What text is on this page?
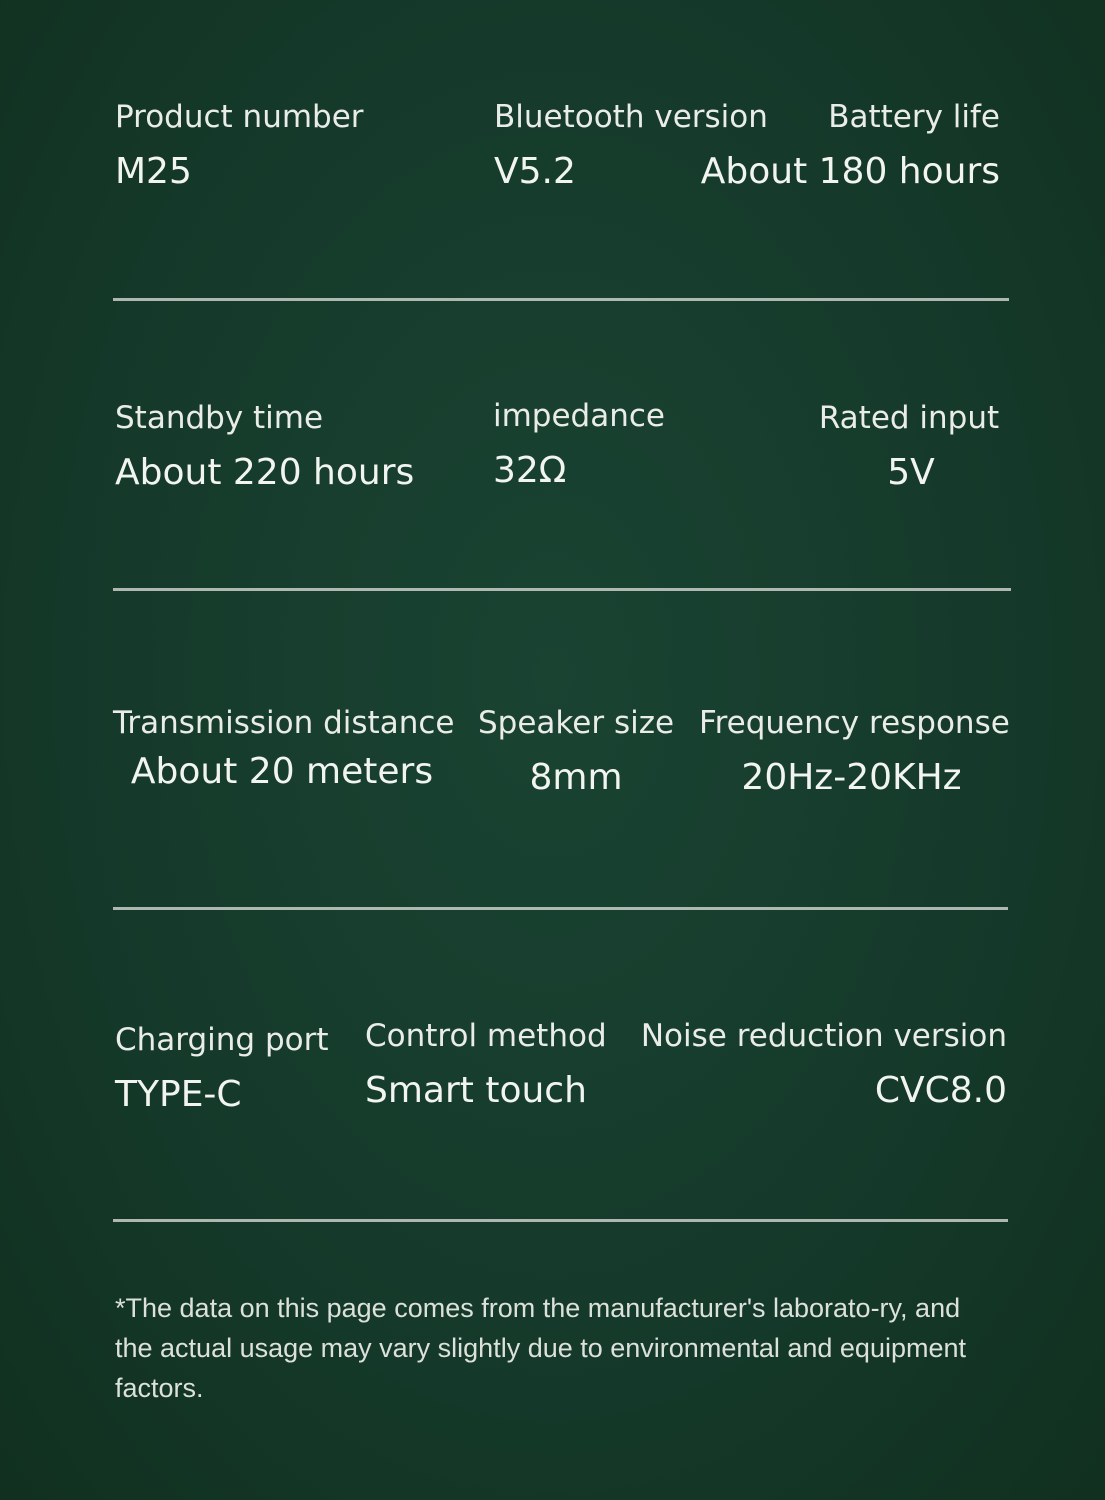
Product number
M25
Bluetooth version
V5.2
Battery life
About 180 hours
Standby time
About 220 hours
impedance
32Ω
Rated input
5V
Transmission distance
About 20 meters
Speaker size
8mm
Frequency response
20Hz-20KHz
Charging port
TYPE-C
Control method
Smart touch
Noise reduction version
CVC8.0
*The data on this page comes from the manufacturer's laborato-ry, and the actual usage may vary slightly due to environmental and equipment factors.
